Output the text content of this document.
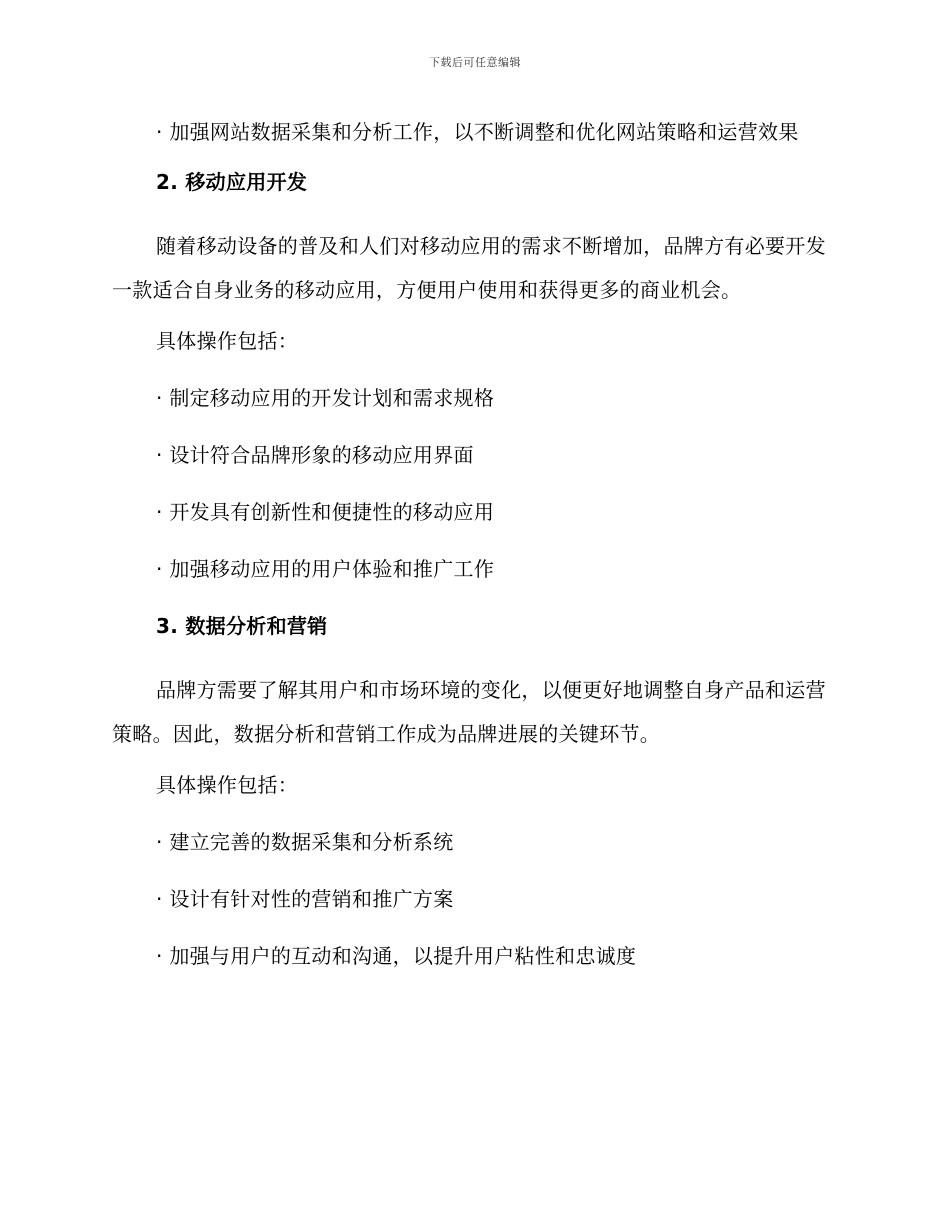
下载后可任意编辑

· 加强网站数据采集和分析工作，以不断调整和优化网站策略和运营效果

2. 移动应用开发

随着移动设备的普及和人们对移动应用的需求不断增加，品牌方有必要开发一款适合自身业务的移动应用，方便用户使用和获得更多的商业机会。

具体操作包括：

· 制定移动应用的开发计划和需求规格

· 设计符合品牌形象的移动应用界面

· 开发具有创新性和便捷性的移动应用

· 加强移动应用的用户体验和推广工作

3. 数据分析和营销

品牌方需要了解其用户和市场环境的变化，以便更好地调整自身产品和运营策略。因此，数据分析和营销工作成为品牌进展的关键环节。

具体操作包括：

· 建立完善的数据采集和分析系统

· 设计有针对性的营销和推广方案

· 加强与用户的互动和沟通，以提升用户粘性和忠诚度
